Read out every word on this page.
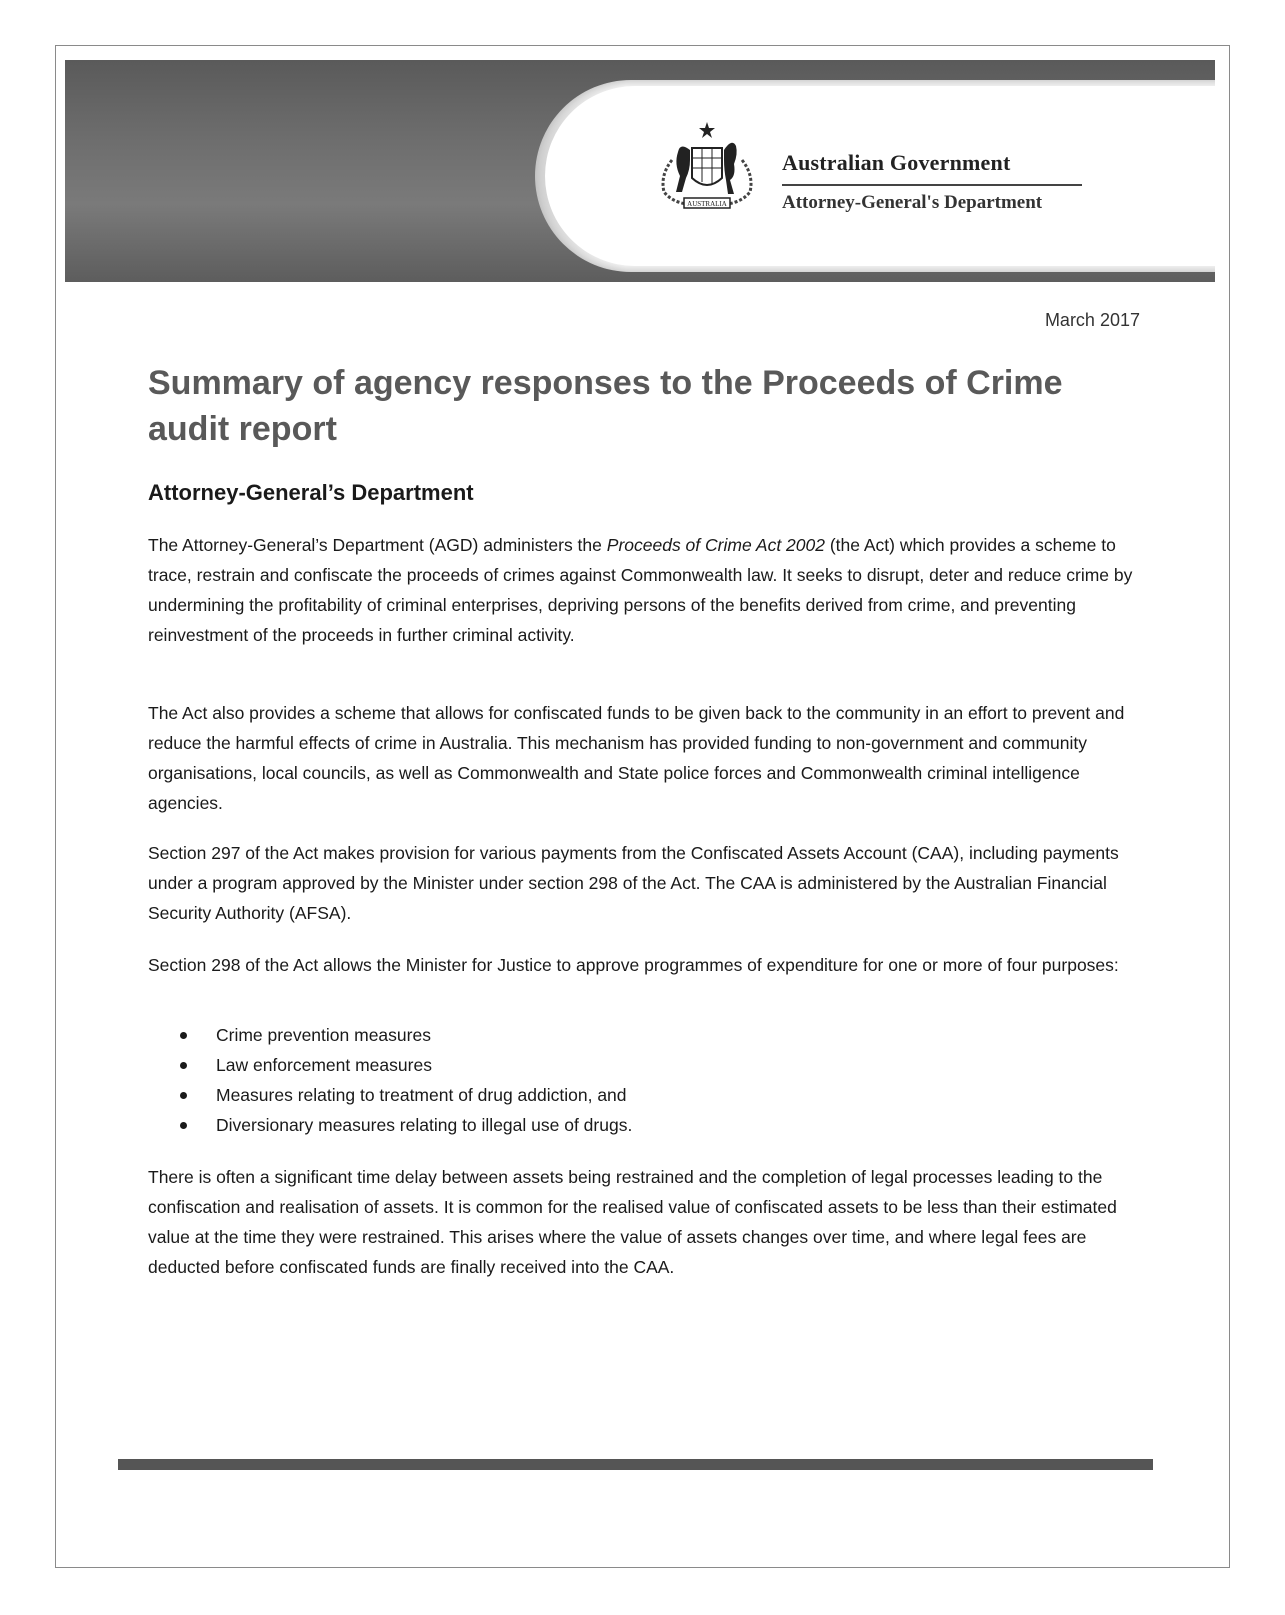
AUSTRALIA
Australian Government
Attorney-General's Department
March 2017
Summary of agency responses to the Proceeds of Crime audit report
Attorney-General’s Department

The Attorney-General’s Department (AGD) administers the Proceeds of Crime Act 2002 (the Act) which provides a scheme to trace, restrain and confiscate the proceeds of crimes against Commonwealth law. It seeks to disrupt, deter and reduce crime by undermining the profitability of criminal enterprises, depriving persons of the benefits derived from crime, and preventing reinvestment of the proceeds in further criminal activity.

The Act also provides a scheme that allows for confiscated funds to be given back to the community in an effort to prevent and reduce the harmful effects of crime in Australia. This mechanism has provided funding to non-government and community organisations, local councils, as well as Commonwealth and State police forces and Commonwealth criminal intelligence agencies.

Section 297 of the Act makes provision for various payments from the Confiscated Assets Account (CAA), including payments under a program approved by the Minister under section 298 of the Act. The CAA is administered by the Australian Financial Security Authority (AFSA).

Section 298 of the Act allows the Minister for Justice to approve programmes of expenditure for one or more of four purposes:

Crime prevention measures
Law enforcement measures
Measures relating to treatment of drug addiction, and
Diversionary measures relating to illegal use of drugs.

There is often a significant time delay between assets being restrained and the completion of legal processes leading to the confiscation and realisation of assets. It is common for the realised value of confiscated assets to be less than their estimated value at the time they were restrained. This arises where the value of assets changes over time, and where legal fees are deducted before confiscated funds are finally received into the CAA.
